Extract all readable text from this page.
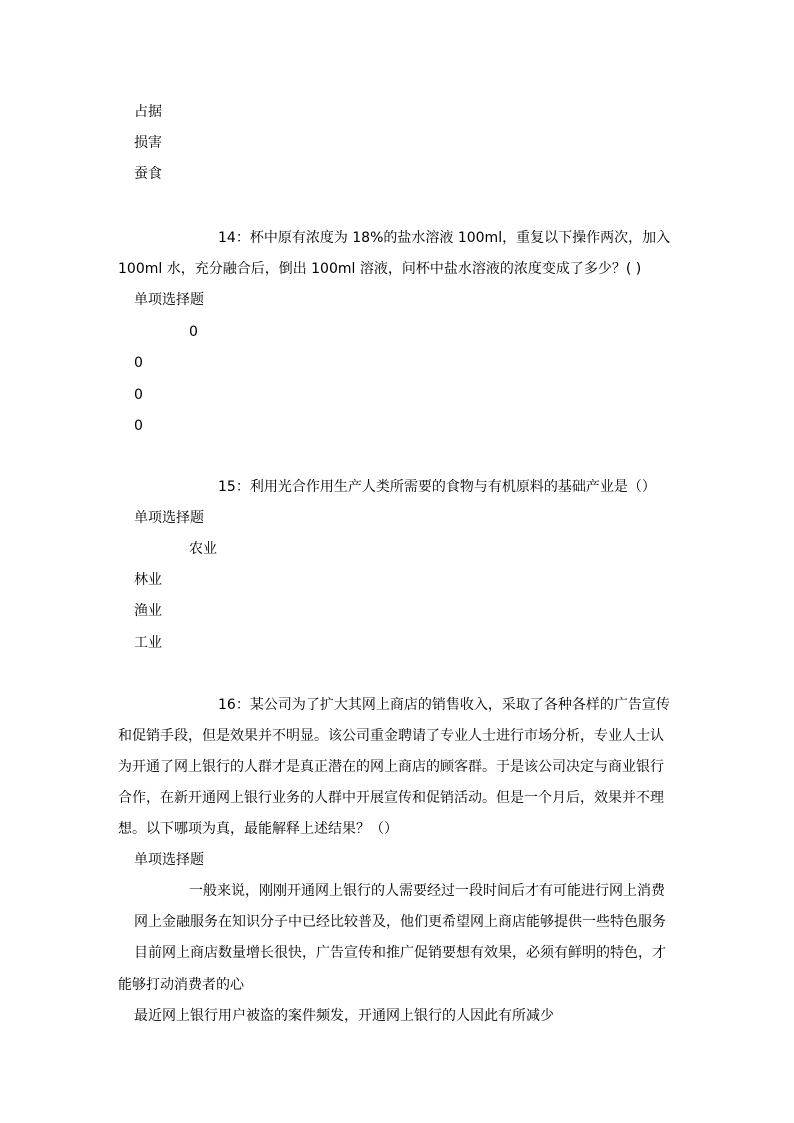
占据
损害
蚕食
14：杯中原有浓度为 18%的盐水溶液 100ml，重复以下操作两次，加入
100ml 水，充分融合后，倒出 100ml 溶液，问杯中盐水溶液的浓度变成了多少？( )
单项选择题
0
0
0
0
15：利用光合作用生产人类所需要的食物与有机原料的基础产业是（）
单项选择题
农业
林业
渔业
工业
16：某公司为了扩大其网上商店的销售收入，采取了各种各样的广告宣传
和促销手段，但是效果并不明显。该公司重金聘请了专业人士进行市场分析，专业人士认
为开通了网上银行的人群才是真正潜在的网上商店的顾客群。于是该公司决定与商业银行
合作，在新开通网上银行业务的人群中开展宣传和促销活动。但是一个月后，效果并不理
想。以下哪项为真，最能解释上述结果？（）
单项选择题
一般来说，刚刚开通网上银行的人需要经过一段时间后才有可能进行网上消费
网上金融服务在知识分子中已经比较普及，他们更希望网上商店能够提供一些特色服务
目前网上商店数量增长很快，广告宣传和推广促销要想有效果，必须有鲜明的特色，才
能够打动消费者的心
最近网上银行用户被盗的案件频发，开通网上银行的人因此有所减少
